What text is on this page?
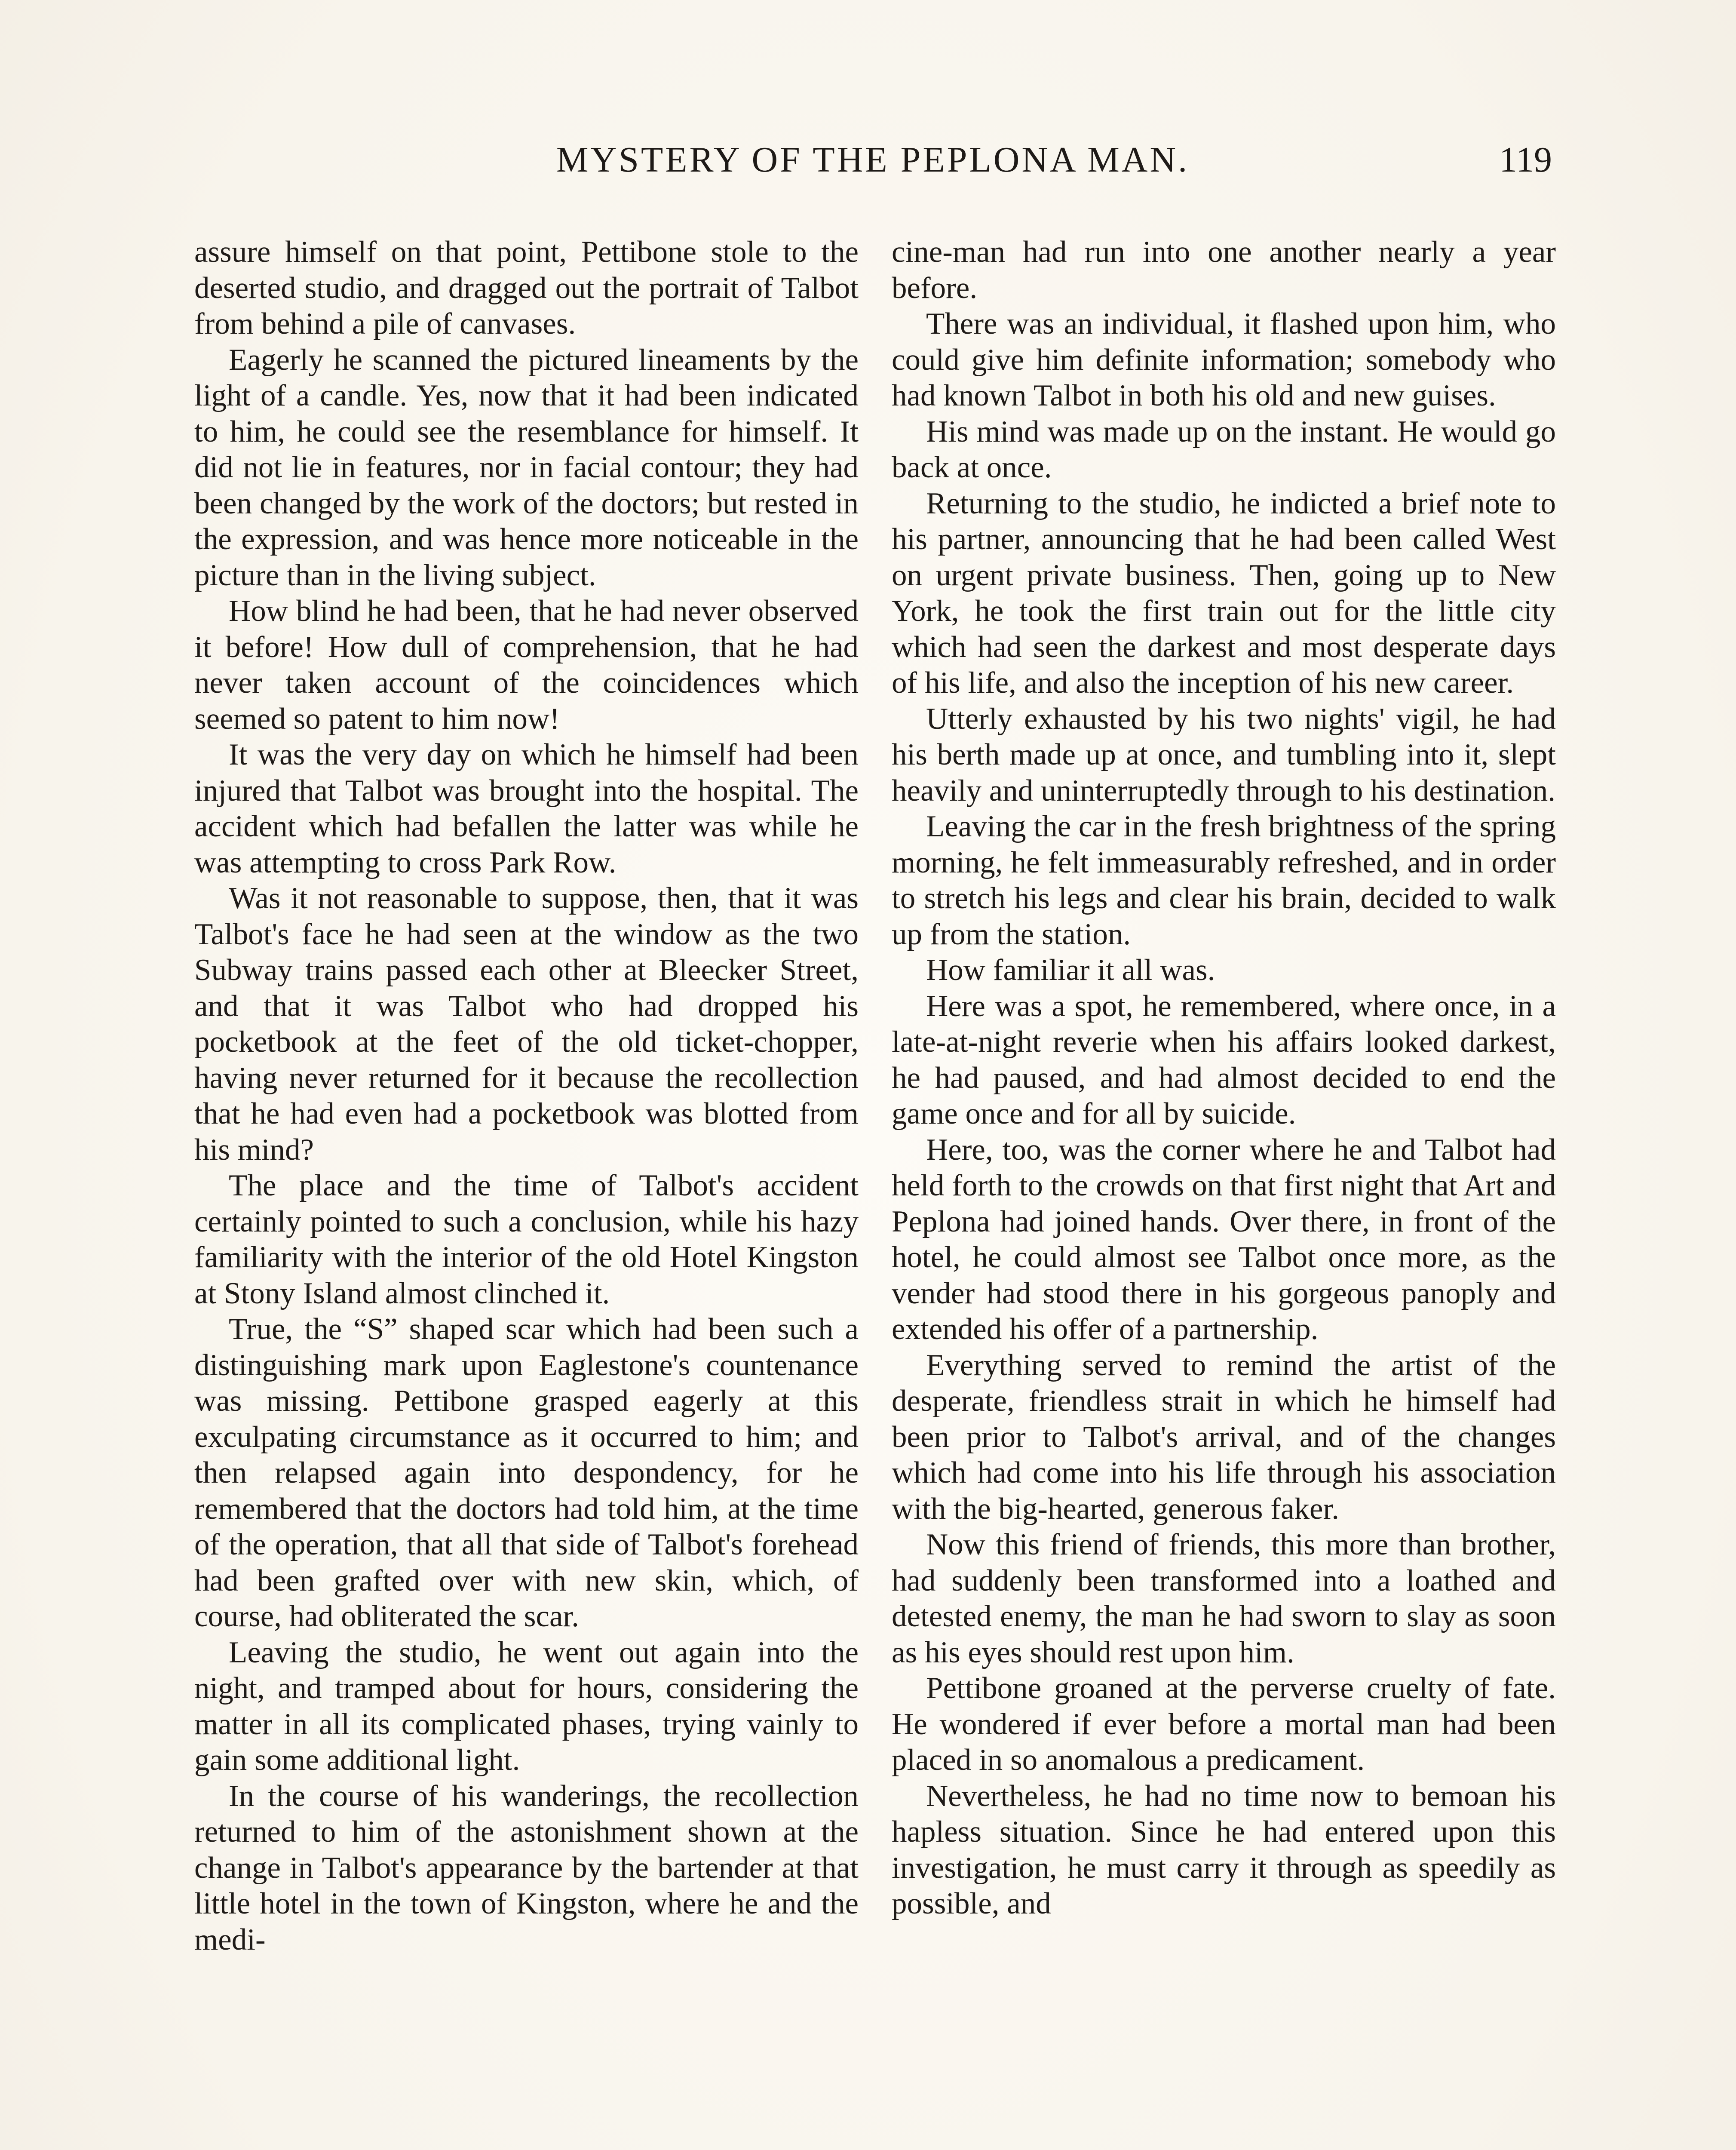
MYSTERY OF THE PEPLONA MAN.	119

assure himself on that point, Pettibone stole to the deserted studio, and dragged out the portrait of Talbot from behind a pile of canvases.

Eagerly he scanned the pictured lineaments by the light of a candle. Yes, now that it had been indicated to him, he could see the resemblance for himself. It did not lie in features, nor in facial contour; they had been changed by the work of the doctors; but rested in the expression, and was hence more noticeable in the picture than in the living subject.

How blind he had been, that he had never observed it before! How dull of comprehension, that he had never taken account of the coincidences which seemed so patent to him now!

It was the very day on which he himself had been injured that Talbot was brought into the hospital. The accident which had befallen the latter was while he was attempting to cross Park Row.

Was it not reasonable to suppose, then, that it was Talbot's face he had seen at the window as the two Subway trains passed each other at Bleecker Street, and that it was Talbot who had dropped his pocketbook at the feet of the old ticket-chopper, having never returned for it because the recollection that he had even had a pocketbook was blotted from his mind?

The place and the time of Talbot's accident certainly pointed to such a conclusion, while his hazy familiarity with the interior of the old Hotel Kingston at Stony Island almost clinched it.

True, the “S” shaped scar which had been such a distinguishing mark upon Eaglestone's countenance was missing. Pettibone grasped eagerly at this exculpating circumstance as it occurred to him; and then relapsed again into despondency, for he remembered that the doctors had told him, at the time of the operation, that all that side of Talbot's forehead had been grafted over with new skin, which, of course, had obliterated the scar.

Leaving the studio, he went out again into the night, and tramped about for hours, considering the matter in all its complicated phases, trying vainly to gain some additional light.

In the course of his wanderings, the recollection returned to him of the astonishment shown at the change in Talbot's appearance by the bartender at that little hotel in the town of Kingston, where he and the medi-

cine-man had run into one another nearly a year before.

There was an individual, it flashed upon him, who could give him definite information; somebody who had known Talbot in both his old and new guises.

His mind was made up on the instant. He would go back at once.

Returning to the studio, he indicted a brief note to his partner, announcing that he had been called West on urgent private business. Then, going up to New York, he took the first train out for the little city which had seen the darkest and most desperate days of his life, and also the inception of his new career.

Utterly exhausted by his two nights' vigil, he had his berth made up at once, and tumbling into it, slept heavily and uninterruptedly through to his destination.

Leaving the car in the fresh brightness of the spring morning, he felt immeasurably refreshed, and in order to stretch his legs and clear his brain, decided to walk up from the station.

How familiar it all was.

Here was a spot, he remembered, where once, in a late-at-night reverie when his affairs looked darkest, he had paused, and had almost decided to end the game once and for all by suicide.

Here, too, was the corner where he and Talbot had held forth to the crowds on that first night that Art and Peplona had joined hands. Over there, in front of the hotel, he could almost see Talbot once more, as the vender had stood there in his gorgeous panoply and extended his offer of a partnership.

Everything served to remind the artist of the desperate, friendless strait in which he himself had been prior to Talbot's arrival, and of the changes which had come into his life through his association with the big-hearted, generous faker.

Now this friend of friends, this more than brother, had suddenly been transformed into a loathed and detested enemy, the man he had sworn to slay as soon as his eyes should rest upon him.

Pettibone groaned at the perverse cruelty of fate. He wondered if ever before a mortal man had been placed in so anomalous a predicament.

Nevertheless, he had no time now to bemoan his hapless situation. Since he had entered upon this investigation, he must carry it through as speedily as possible, and
